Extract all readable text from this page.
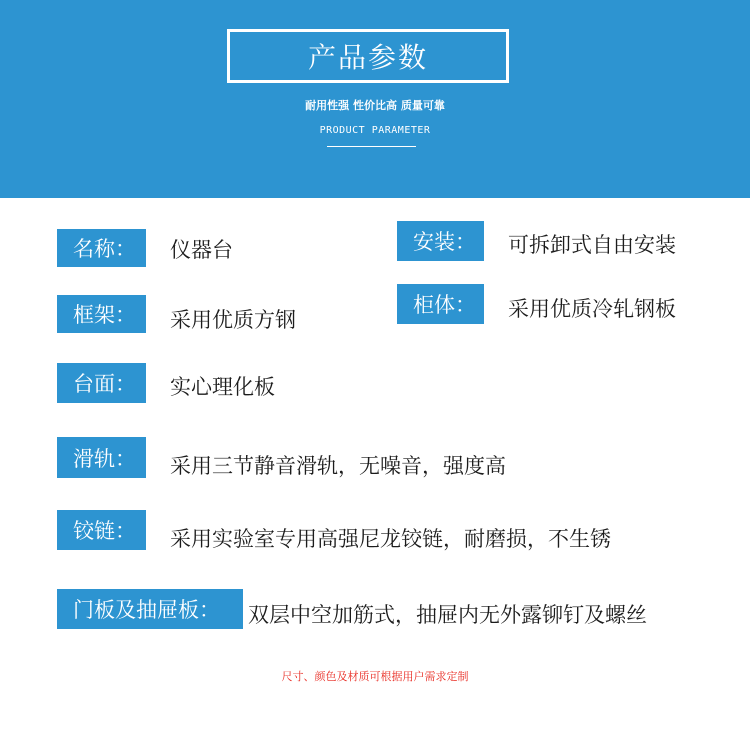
产品参数
耐用性强 性价比高 质量可靠
PRODUCT PARAMETER
名称：	仪器台	安装：	可拆卸式自由安装
框架：	采用优质方钢
柜体：	采用优质冷轧钢板
台面：	实心理化板
滑轨：	采用三节静音滑轨，无噪音，强度高
铰链：	采用实验室专用高强尼龙铰链，耐磨损，不生锈
门板及抽屉板：	双层中空加筋式，抽屉内无外露铆钉及螺丝
尺寸、颜色及材质可根据用户需求定制
